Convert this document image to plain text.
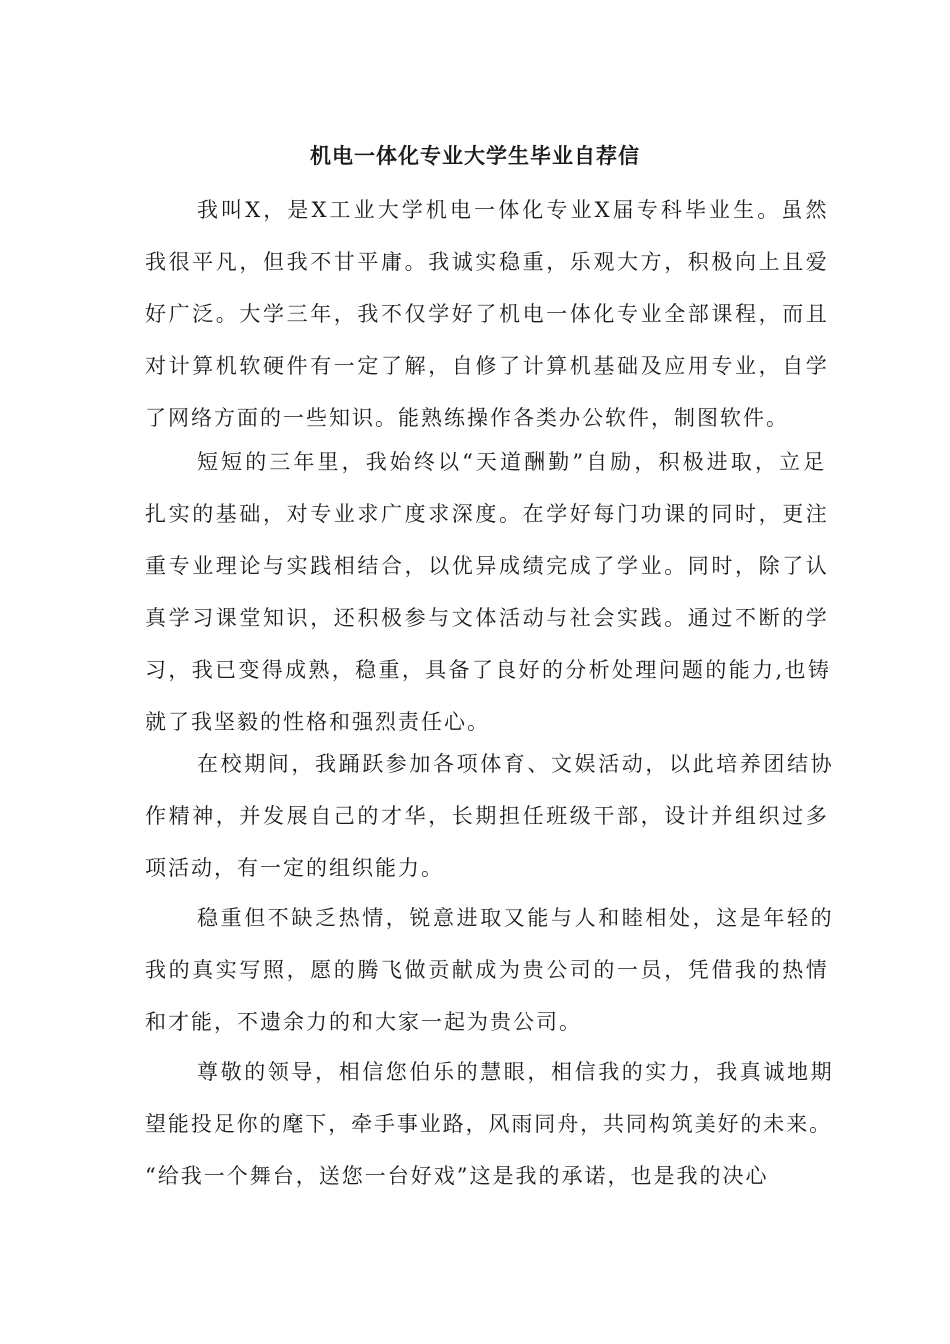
机电一体化专业大学生毕业自荐信
我叫X，是X工业大学机电一体化专业X届专科毕业生。虽然
我很平凡，但我不甘平庸。我诚实稳重，乐观大方，积极向上且爱
好广泛。大学三年，我不仅学好了机电一体化专业全部课程，而且
对计算机软硬件有一定了解，自修了计算机基础及应用专业，自学
了网络方面的一些知识。能熟练操作各类办公软件，制图软件。
短短的三年里，我始终以“天道酬勤”自励，积极进取，立足
扎实的基础，对专业求广度求深度。在学好每门功课的同时，更注
重专业理论与实践相结合，以优异成绩完成了学业。同时，除了认
真学习课堂知识，还积极参与文体活动与社会实践。通过不断的学
习，我已变得成熟，稳重，具备了良好的分析处理问题的能力,也铸
就了我坚毅的性格和强烈责任心。
在校期间，我踊跃参加各项体育、文娱活动，以此培养团结协
作精神，并发展自己的才华，长期担任班级干部，设计并组织过多
项活动，有一定的组织能力。
稳重但不缺乏热情，锐意进取又能与人和睦相处，这是年轻的
我的真实写照，愿的腾飞做贡献成为贵公司的一员，凭借我的热情
和才能，不遗余力的和大家一起为贵公司。
尊敬的领导，相信您伯乐的慧眼，相信我的实力，我真诚地期
望能投足你的麾下，牵手事业路，风雨同舟，共同构筑美好的未来。
“给我一个舞台，送您一台好戏”这是我的承诺，也是我的决心
